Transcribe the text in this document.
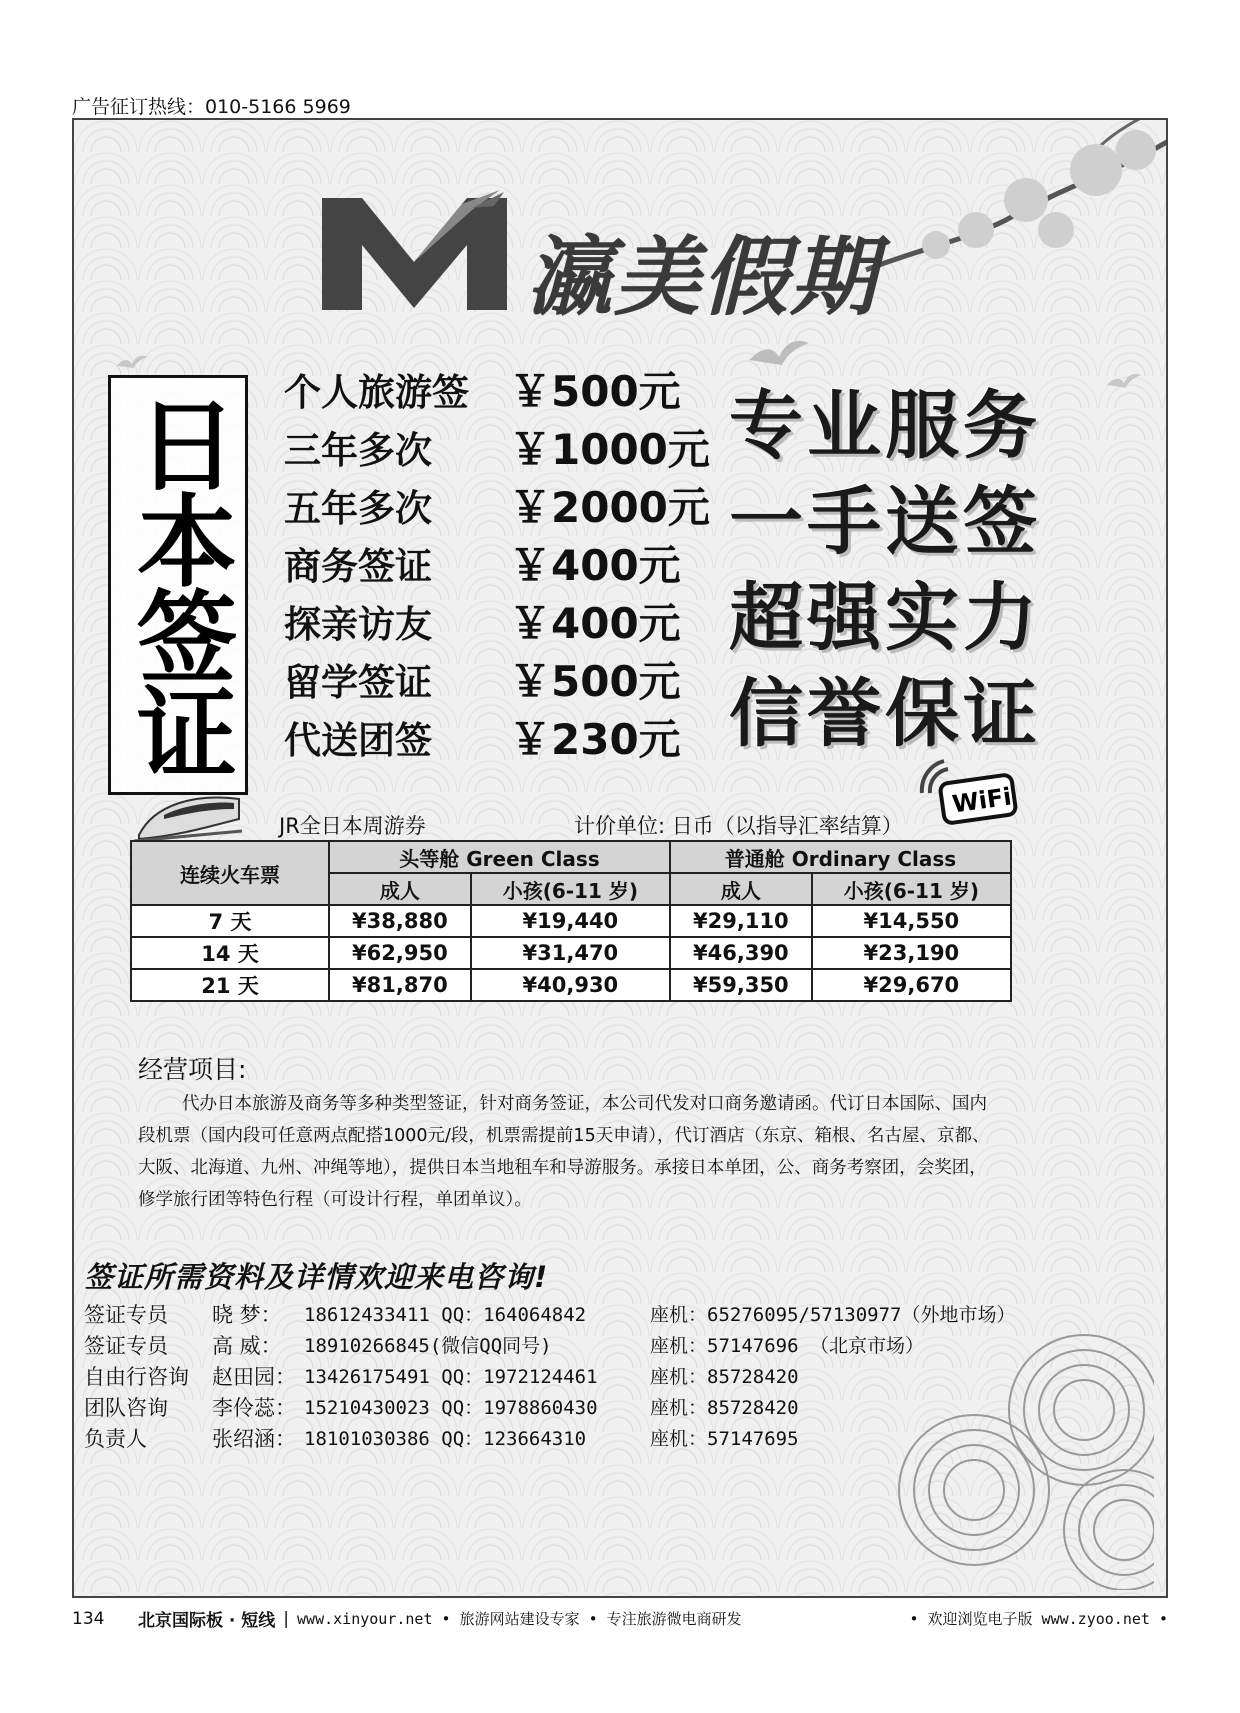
广告征订热线：010-5166 5969
瀛美假期
日本签证
个人旅游签 ￥500元
三年多次	￥1000元
五年多次	￥2000元
商务签证	￥400元
探亲访友	￥400元
留学签证	￥500元
代送团签	￥230元
专业服务
一手送签
超强实力
信誉保证
WiFi
JR全日本周游券	计价单位: 日币（以指导汇率结算）
连续火车票	头等舱 Green Class		普通舱 Ordinary Class	
	成人	小孩(6-11 岁)	成人	小孩(6-11 岁)
7 天	¥38,880	¥19,440	¥29,110	¥14,550
14 天	¥62,950	¥31,470	¥46,390	¥23,190
21 天	¥81,870	¥40,930	¥59,350	¥29,670
经营项目:
代办日本旅游及商务等多种类型签证，针对商务签证，本公司代发对口商务邀请函。代订日本国际、国内段机票（国内段可任意两点配搭1000元/段，机票需提前15天申请），代订酒店（东京、箱根、名古屋、京都、大阪、北海道、九州、冲绳等地），提供日本当地租车和导游服务。承接日本单团，公、商务考察团，会奖团，修学旅行团等特色行程（可设计行程，单团单议）。
签证所需资料及详情欢迎来电咨询!
签证专员	晓 梦：	18612433411 QQ：164064842	座机：65276095/57130977（外地市场）
签证专员	高 威：	18910266845(微信QQ同号)	座机：57147696 （北京市场）
自由行咨询	赵田园： 13426175491 QQ：1972124461	座机：85728420
团队咨询	李伶蕊： 15210430023 QQ：1978860430	座机：85728420
负责人	张绍涵： 18101030386 QQ：123664310	座机：57147695
134	北京国际板 · 短线 | www.xinyour.net • 旅游网站建设专家 • 专注旅游微电商研发	• 欢迎浏览电子版 www.zyoo.net •
